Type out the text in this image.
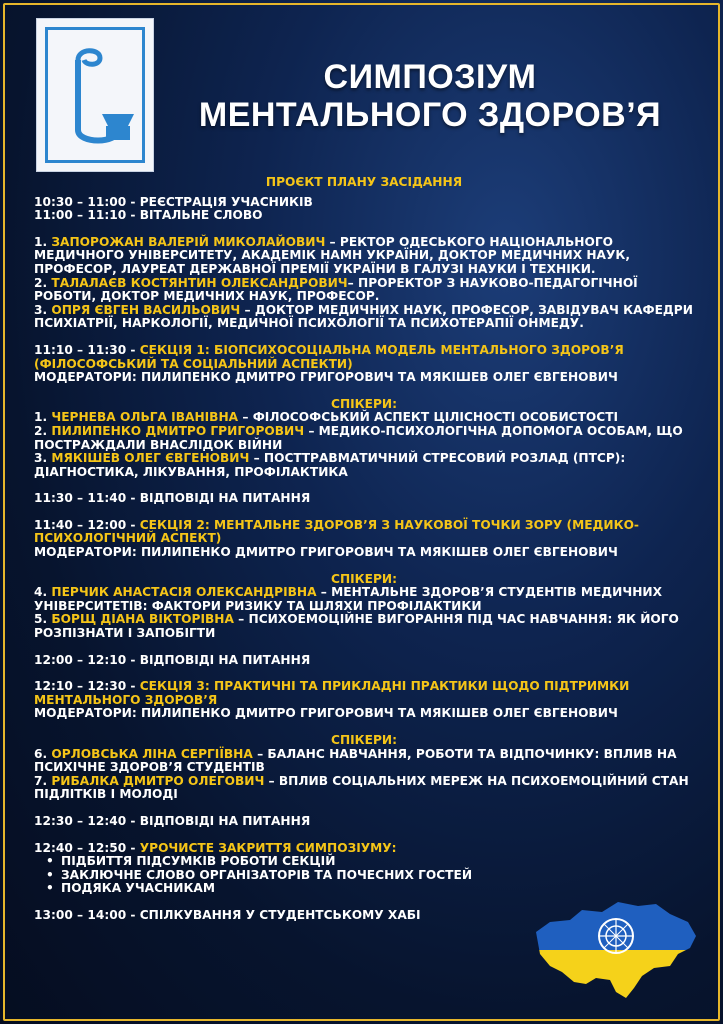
СИМПОЗІУМ
МЕНТАЛЬНОГО ЗДОРОВ’Я
ПРОЄКТ ПЛАНУ ЗАСІДАННЯ
10:30 – 11:00 - РЕЄСТРАЦІЯ УЧАСНИКІВ
11:00 – 11:10 - ВІТАЛЬНЕ СЛОВО
1. ЗАПОРОЖАН ВАЛЕРІЙ МИКОЛАЙОВИЧ – РЕКТОР ОДЕСЬКОГО НАЦІОНАЛЬНОГО МЕДИЧНОГО УНІВЕРСИТЕТУ, АКАДЕМІК НАМН УКРАЇНИ, ДОКТОР МЕДИЧНИХ НАУК, ПРОФЕСОР, ЛАУРЕАТ ДЕРЖАВНОЇ ПРЕМІЇ УКРАЇНИ В ГАЛУЗІ НАУКИ І ТЕХНІКИ.
2. ТАЛАЛАЄВ КОСТЯНТИН ОЛЕКСАНДРОВИЧ– ПРОРЕКТОР З НАУКОВО-ПЕДАГОГІЧНОЇ РОБОТИ, ДОКТОР МЕДИЧНИХ НАУК, ПРОФЕСОР.
3. ОПРЯ ЄВГЕН ВАСИЛЬОВИЧ – ДОКТОР МЕДИЧНИХ НАУК, ПРОФЕСОР, ЗАВІДУВАЧ КАФЕДРИ ПСИХІАТРІЇ, НАРКОЛОГІЇ, МЕДИЧНОЇ ПСИХОЛОГІЇ ТА ПСИХОТЕРАПІЇ ОНМЕДУ.
11:10 – 11:30 - СЕКЦІЯ 1: БІОПСИХОСОЦІАЛЬНА МОДЕЛЬ МЕНТАЛЬНОГО ЗДОРОВ’Я (ФІЛОСОФСЬКИЙ ТА СОЦІАЛЬНИЙ АСПЕКТИ)
МОДЕРАТОРИ: ПИЛИПЕНКО ДМИТРО ГРИГОРОВИЧ ТА МЯКІШЕВ ОЛЕГ ЄВГЕНОВИЧ
СПІКЕРИ:
1. ЧЕРНЕВА ОЛЬГА ІВАНІВНА – ФІЛОСОФСЬКИЙ АСПЕКТ ЦІЛІСНОСТІ ОСОБИСТОСТІ
2. ПИЛИПЕНКО ДМИТРО ГРИГОРОВИЧ – МЕДИКО-ПСИХОЛОГІЧНА ДОПОМОГА ОСОБАМ, ЩО ПОСТРАЖДАЛИ ВНАСЛІДОК ВІЙНИ
3. МЯКІШЕВ ОЛЕГ ЄВГЕНОВИЧ – ПОСТТРАВМАТИЧНИЙ СТРЕСОВИЙ РОЗЛАД (ПТСР): ДІАГНОСТИКА, ЛІКУВАННЯ, ПРОФІЛАКТИКА
11:30 – 11:40 - ВІДПОВІДІ НА ПИТАННЯ
11:40 – 12:00 - СЕКЦІЯ 2: МЕНТАЛЬНЕ ЗДОРОВ’Я З НАУКОВОЇ ТОЧКИ ЗОРУ (МЕДИКО-ПСИХОЛОГІЧНИЙ АСПЕКТ)
МОДЕРАТОРИ: ПИЛИПЕНКО ДМИТРО ГРИГОРОВИЧ ТА МЯКІШЕВ ОЛЕГ ЄВГЕНОВИЧ
СПІКЕРИ:
4. ПЕРЧИК АНАСТАСІЯ ОЛЕКСАНДРІВНА – МЕНТАЛЬНЕ ЗДОРОВ’Я СТУДЕНТІВ МЕДИЧНИХ УНІВЕРСИТЕТІВ: ФАКТОРИ РИЗИКУ ТА ШЛЯХИ ПРОФІЛАКТИКИ
5. БОРЩ ДІАНА ВІКТОРІВНА – ПСИХОЕМОЦІЙНЕ ВИГОРАННЯ ПІД ЧАС НАВЧАННЯ: ЯК ЙОГО РОЗПІЗНАТИ І ЗАПОБІГТИ
12:00 – 12:10 - ВІДПОВІДІ НА ПИТАННЯ
12:10 – 12:30 - СЕКЦІЯ 3: ПРАКТИЧНІ ТА ПРИКЛАДНІ ПРАКТИКИ ЩОДО ПІДТРИМКИ МЕНТАЛЬНОГО ЗДОРОВ’Я
МОДЕРАТОРИ: ПИЛИПЕНКО ДМИТРО ГРИГОРОВИЧ ТА МЯКІШЕВ ОЛЕГ ЄВГЕНОВИЧ
СПІКЕРИ:
6. ОРЛОВСЬКА ЛІНА СЕРГІЇВНА – БАЛАНС НАВЧАННЯ, РОБОТИ ТА ВІДПОЧИНКУ: ВПЛИВ НА ПСИХІЧНЕ ЗДОРОВ’Я СТУДЕНТІВ
7. РИБАЛКА ДМИТРО ОЛЕГОВИЧ – ВПЛИВ СОЦІАЛЬНИХ МЕРЕЖ НА ПСИХОЕМОЦІЙНИЙ СТАН ПІДЛІТКІВ І МОЛОДІ
12:30 – 12:40 - ВІДПОВІДІ НА ПИТАННЯ
12:40 – 12:50 - УРОЧИСТЕ ЗАКРИТТЯ СИМПОЗІУМУ:
• ПІДБИТТЯ ПІДСУМКІВ РОБОТИ СЕКЦІЙ
• ЗАКЛЮЧНЕ СЛОВО ОРГАНІЗАТОРІВ ТА ПОЧЕСНИХ ГОСТЕЙ
• ПОДЯКА УЧАСНИКАМ
13:00 – 14:00 - СПІЛКУВАННЯ У СТУДЕНТСЬКОМУ ХАБІ
